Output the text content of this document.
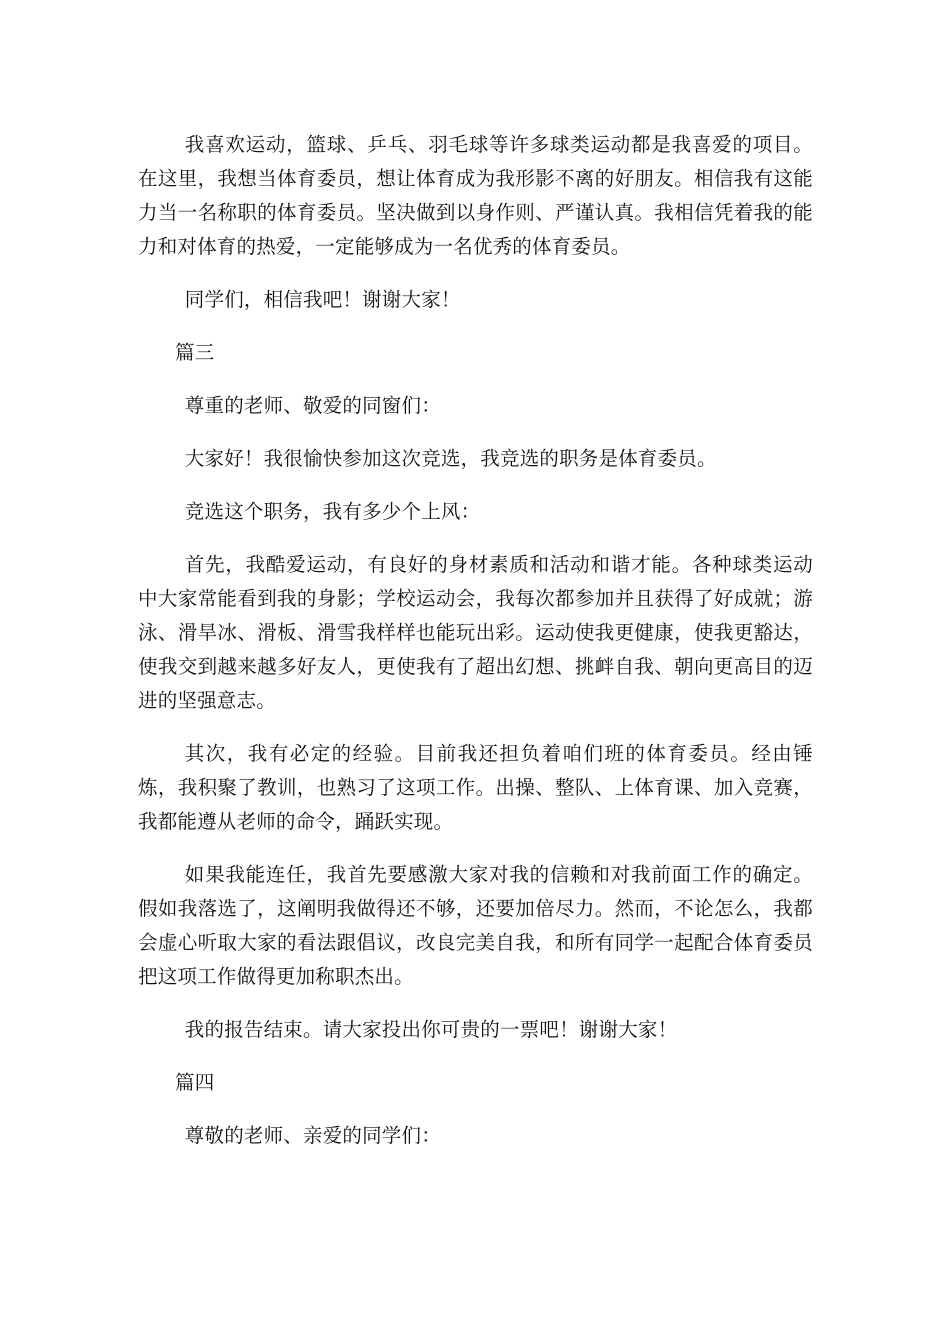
我喜欢运动，篮球、乒乓、羽毛球等许多球类运动都是我喜爱的项目。在这里，我想当体育委员，想让体育成为我形影不离的好朋友。相信我有这能力当一名称职的体育委员。坚决做到以身作则、严谨认真。我相信凭着我的能力和对体育的热爱，一定能够成为一名优秀的体育委员。

同学们，相信我吧！谢谢大家！

篇三

尊重的老师、敬爱的同窗们：

大家好！我很愉快参加这次竞选，我竞选的职务是体育委员。

竞选这个职务，我有多少个上风：

首先，我酷爱运动，有良好的身材素质和活动和谐才能。各种球类运动中大家常能看到我的身影；学校运动会，我每次都参加并且获得了好成就；游泳、滑旱冰、滑板、滑雪我样样也能玩出彩。运动使我更健康，使我更豁达，使我交到越来越多好友人，更使我有了超出幻想、挑衅自我、朝向更高目的迈进的坚强意志。

其次，我有必定的经验。目前我还担负着咱们班的体育委员。经由锤炼，我积聚了教训，也熟习了这项工作。出操、整队、上体育课、加入竞赛，我都能遵从老师的命令，踊跃实现。

如果我能连任，我首先要感激大家对我的信赖和对我前面工作的确定。假如我落选了，这阐明我做得还不够，还要加倍尽力。然而，不论怎么，我都会虚心听取大家的看法跟倡议，改良完美自我，和所有同学一起配合体育委员把这项工作做得更加称职杰出。

我的报告结束。请大家投出你可贵的一票吧！谢谢大家！

篇四

尊敬的老师、亲爱的同学们：
